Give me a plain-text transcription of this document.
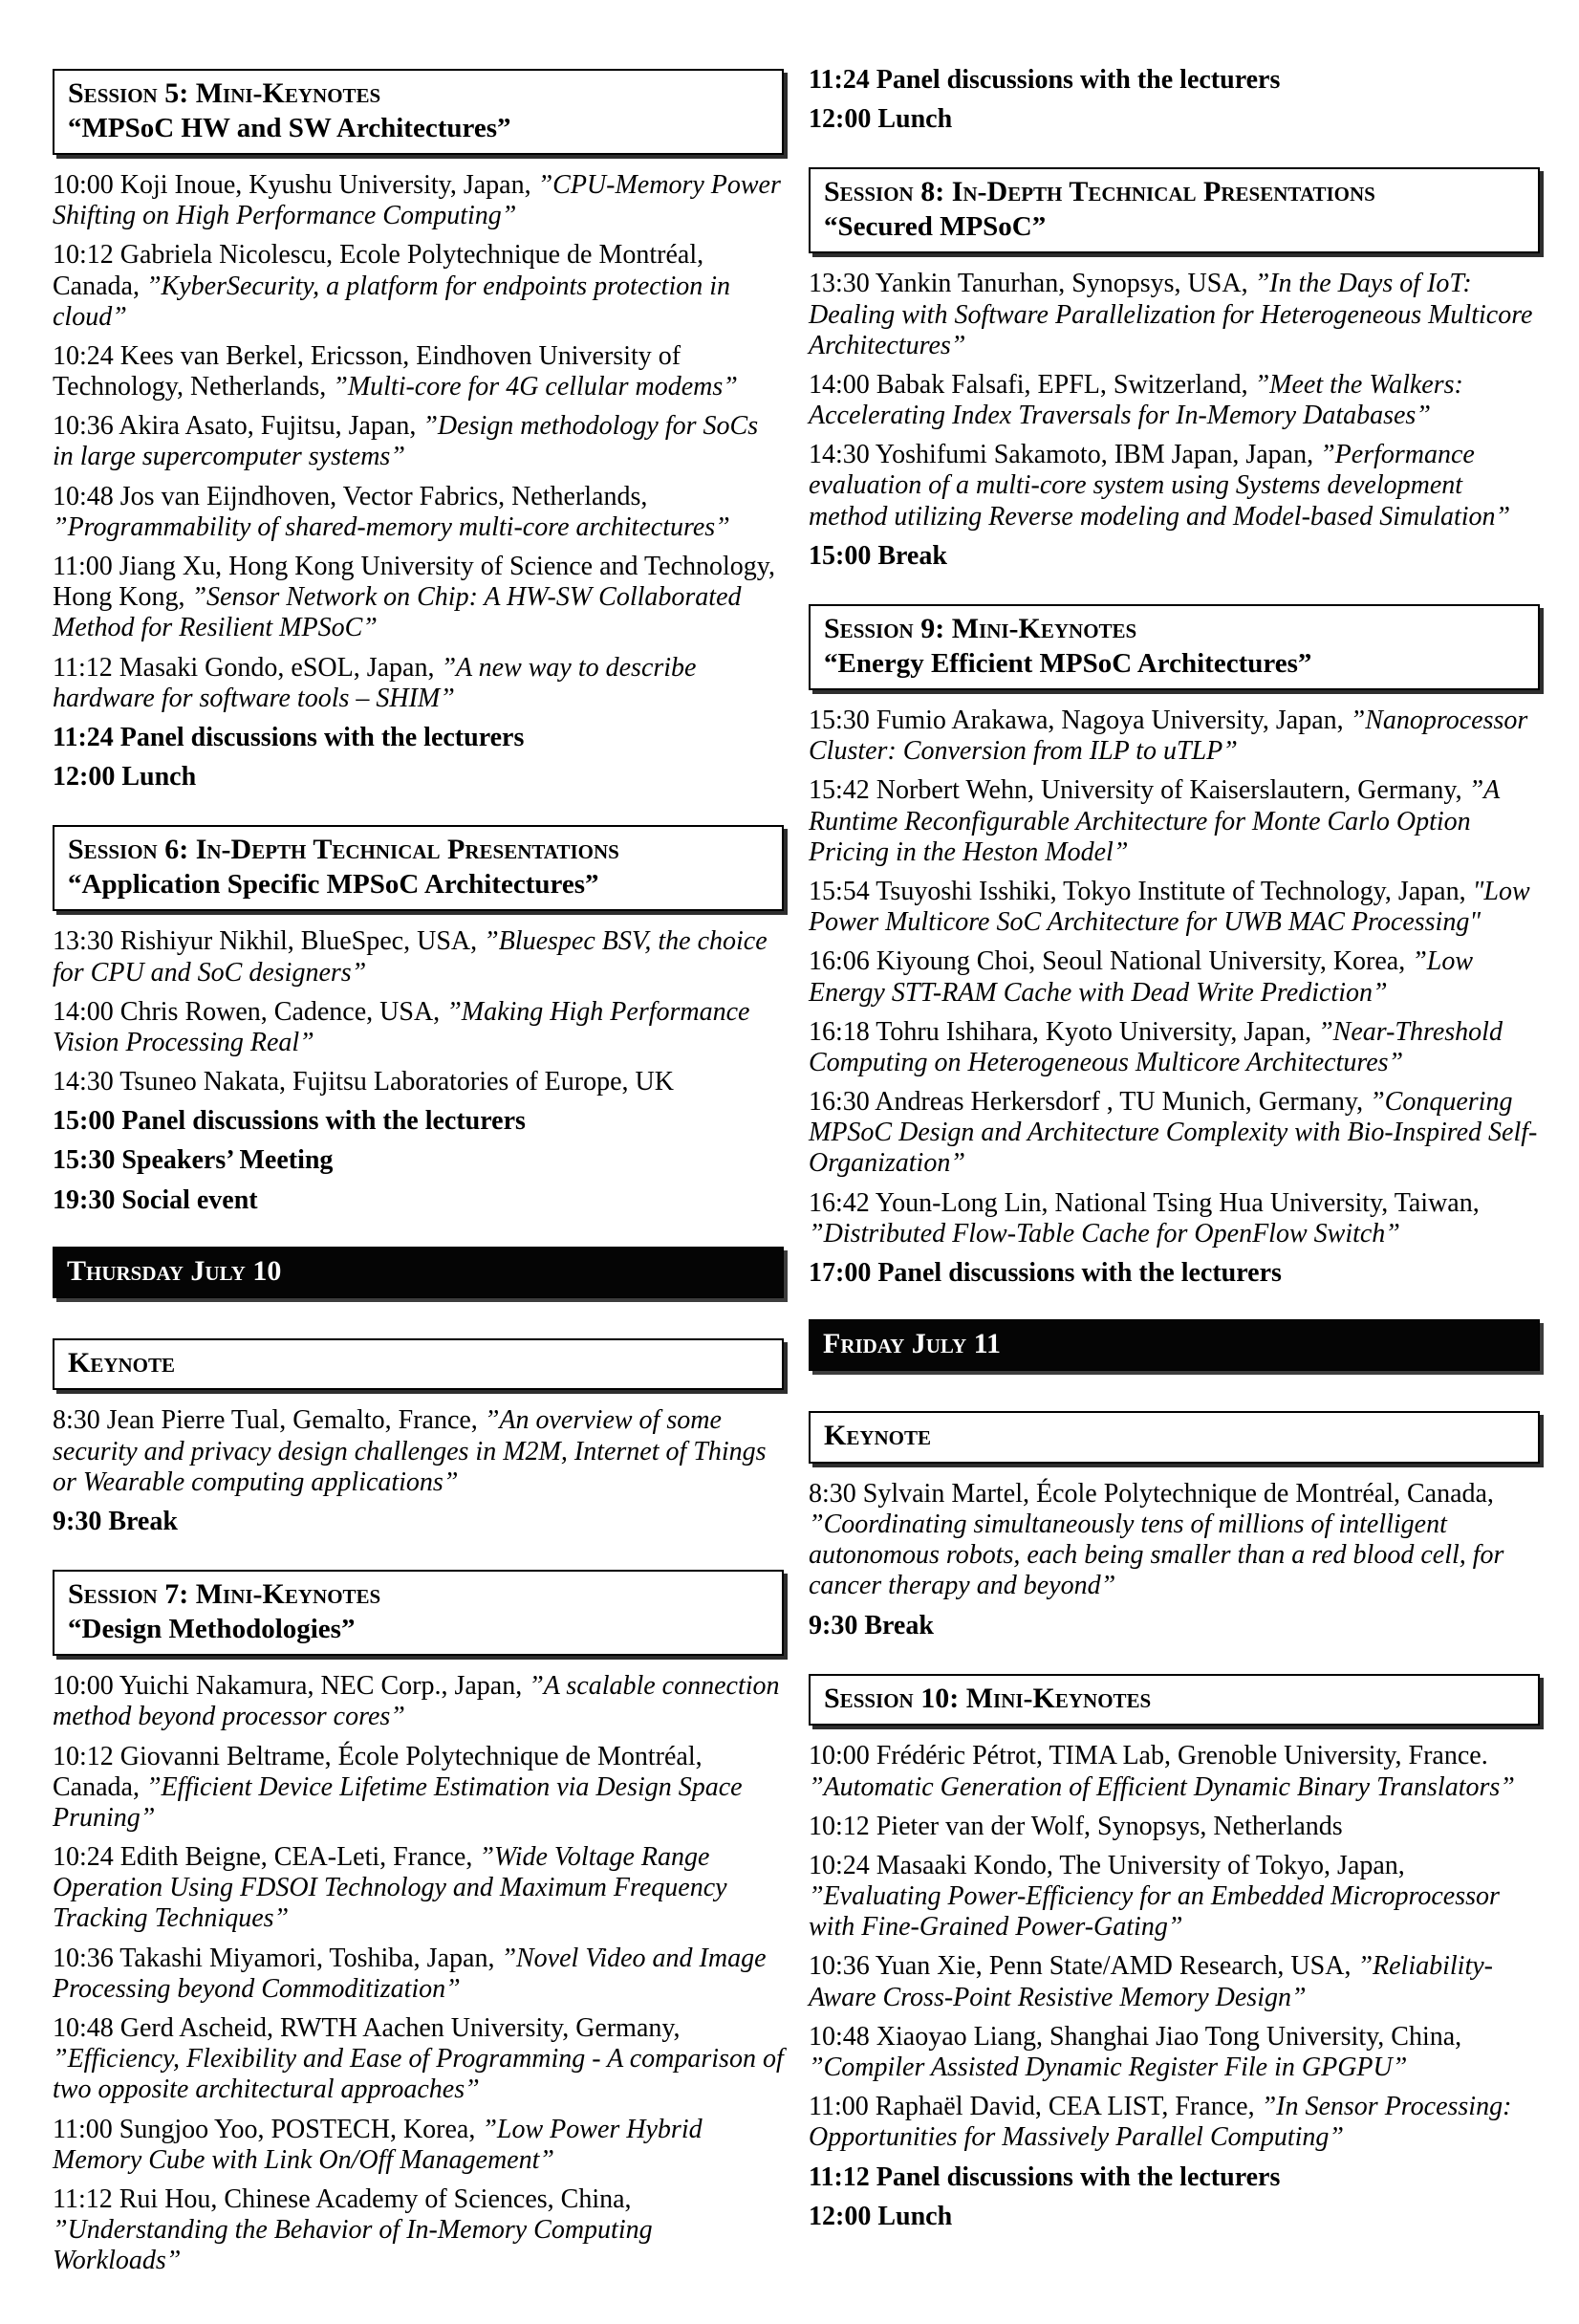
Session 5: Mini-Keynotes
“MPSoC HW and SW Architectures”

10:00 Koji Inoue, Kyushu University, Japan, ”CPU-Memory Power Shifting on High Performance Computing”

10:12 Gabriela Nicolescu, Ecole Polytechnique de Montréal, Canada, ”KyberSecurity, a platform for endpoints protection in cloud”

10:24 Kees van Berkel, Ericsson, Eindhoven University of Technology, Netherlands, ”Multi-core for 4G cellular modems”

10:36 Akira Asato, Fujitsu, Japan, ”Design methodology for SoCs in large supercomputer systems”

10:48 Jos van Eijndhoven, Vector Fabrics, Netherlands, ”Programmability of shared-memory multi-core architectures”

11:00 Jiang Xu, Hong Kong University of Science and Technology, Hong Kong, ”Sensor Network on Chip: A HW-SW Collaborated Method for Resilient MPSoC”

11:12 Masaki Gondo, eSOL, Japan, ”A new way to describe hardware for software tools – SHIM”

11:24 Panel discussions with the lecturers

12:00 Lunch

Session 6: In-Depth Technical Presentations
“Application Specific MPSoC Architectures”

13:30 Rishiyur Nikhil, BlueSpec, USA, ”Bluespec BSV, the choice for CPU and SoC designers”

14:00 Chris Rowen, Cadence, USA, ”Making High Performance Vision Processing Real”

14:30 Tsuneo Nakata, Fujitsu Laboratories of Europe, UK

15:00 Panel discussions with the lecturers

15:30 Speakers’ Meeting

19:30 Social event

Thursday July 10
Keynote

8:30 Jean Pierre Tual, Gemalto, France, ”An overview of some security and privacy design challenges in M2M, Internet of Things or Wearable computing applications”

9:30 Break

Session 7: Mini-Keynotes
“Design Methodologies”

10:00 Yuichi Nakamura, NEC Corp., Japan, ”A scalable connection method beyond processor cores”

10:12 Giovanni Beltrame, École Polytechnique de Montréal, Canada, ”Efficient Device Lifetime Estimation via Design Space Pruning”

10:24 Edith Beigne, CEA-Leti, France, ”Wide Voltage Range Operation Using FDSOI Technology and Maximum Frequency Tracking Techniques”

10:36 Takashi Miyamori, Toshiba, Japan, ”Novel Video and Image Processing beyond Commoditization”

10:48 Gerd Ascheid, RWTH Aachen University, Germany, ”Efficiency, Flexibility and Ease of Programming - A comparison of two opposite architectural approaches”

11:00 Sungjoo Yoo, POSTECH, Korea, ”Low Power Hybrid Memory Cube with Link On/Off Management”

11:12 Rui Hou, Chinese Academy of Sciences, China, ”Understanding the Behavior of In-Memory Computing Workloads”

11:24 Panel discussions with the lecturers

12:00 Lunch

Session 8: In-Depth Technical Presentations
“Secured MPSoC”

13:30 Yankin Tanurhan, Synopsys, USA, ”In the Days of IoT: Dealing with Software Parallelization for Heterogeneous Multicore Architectures”

14:00 Babak Falsafi, EPFL, Switzerland, ”Meet the Walkers: Accelerating Index Traversals for In-Memory Databases”

14:30 Yoshifumi Sakamoto, IBM Japan, Japan, ”Performance evaluation of a multi-core system using Systems development method utilizing Reverse modeling and Model-based Simulation”

15:00 Break

Session 9: Mini-Keynotes
“Energy Efficient MPSoC Architectures”

15:30 Fumio Arakawa, Nagoya University, Japan, ”Nanoprocessor Cluster: Conversion from ILP to uTLP”

15:42 Norbert Wehn, University of Kaiserslautern, Germany, ”A Runtime Reconfigurable Architecture for Monte Carlo Option Pricing in the Heston Model”

15:54 Tsuyoshi Isshiki, Tokyo Institute of Technology, Japan, "Low Power Multicore SoC Architecture for UWB MAC Processing"

16:06 Kiyoung Choi, Seoul National University, Korea, ”Low Energy STT-RAM Cache with Dead Write Prediction”

16:18 Tohru Ishihara, Kyoto University, Japan, ”Near-Threshold Computing on Heterogeneous Multicore Architectures”

16:30 Andreas Herkersdorf , TU Munich, Germany, ”Conquering MPSoC Design and Architecture Complexity with Bio-Inspired Self-Organization”

16:42 Youn-Long Lin, National Tsing Hua University, Taiwan, ”Distributed Flow-Table Cache for OpenFlow Switch”

17:00 Panel discussions with the lecturers

Friday July 11
Keynote

8:30 Sylvain Martel, École Polytechnique de Montréal, Canada, ”Coordinating simultaneously tens of millions of intelligent autonomous robots, each being smaller than a red blood cell, for cancer therapy and beyond”

9:30 Break

Session 10: Mini-Keynotes

10:00 Frédéric Pétrot, TIMA Lab, Grenoble University, France. ”Automatic Generation of Efficient Dynamic Binary Translators”

10:12 Pieter van der Wolf, Synopsys, Netherlands

10:24 Masaaki Kondo, The University of Tokyo, Japan, ”Evaluating Power-Efficiency for an Embedded Microprocessor with Fine-Grained Power-Gating”

10:36 Yuan Xie, Penn State/AMD Research, USA, ”Reliability-Aware Cross-Point Resistive Memory Design”

10:48 Xiaoyao Liang, Shanghai Jiao Tong University, China, ”Compiler Assisted Dynamic Register File in GPGPU”

11:00 Raphaël David, CEA LIST, France, ”In Sensor Processing: Opportunities for Massively Parallel Computing”

11:12 Panel discussions with the lecturers

12:00 Lunch
